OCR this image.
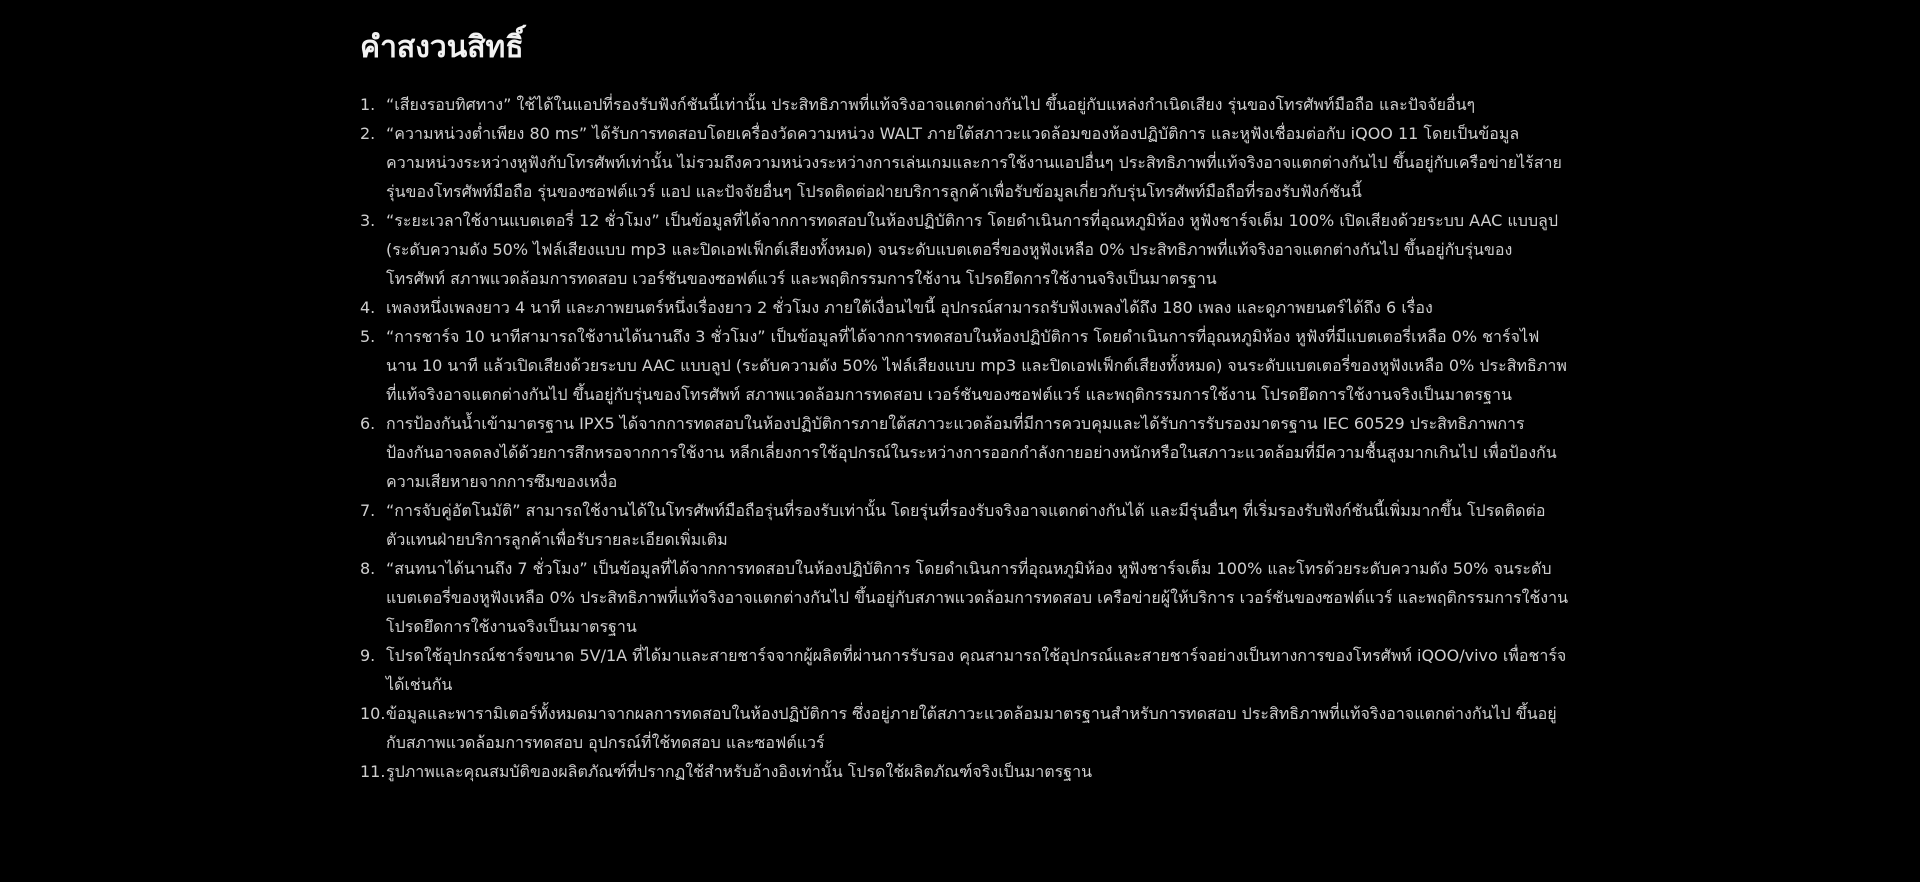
คำสงวนสิทธิ์
1. “เสียงรอบทิศทาง” ใช้ได้ในแอปที่รองรับฟังก์ชันนี้เท่านั้น ประสิทธิภาพที่แท้จริงอาจแตกต่างกันไป ขึ้นอยู่กับแหล่งกำเนิดเสียง รุ่นของโทรศัพท์มือถือ และปัจจัยอื่นๆ
2. “ความหน่วงต่ำเพียง 80 ms” ได้รับการทดสอบโดยเครื่องวัดความหน่วง WALT ภายใต้สภาวะแวดล้อมของห้องปฏิบัติการ และหูฟังเชื่อมต่อกับ iQOO 11 โดยเป็นข้อมูลความหน่วงระหว่างหูฟังกับโทรศัพท์เท่านั้น ไม่รวมถึงความหน่วงระหว่างการเล่นเกมและการใช้งานแอปอื่นๆ ประสิทธิภาพที่แท้จริงอาจแตกต่างกันไป ขึ้นอยู่กับเครือข่ายไร้สาย รุ่นของโทรศัพท์มือถือ รุ่นของซอฟต์แวร์ แอป และปัจจัยอื่นๆ โปรดติดต่อฝ่ายบริการลูกค้าเพื่อรับข้อมูลเกี่ยวกับรุ่นโทรศัพท์มือถือที่รองรับฟังก์ชันนี้
3. “ระยะเวลาใช้งานแบตเตอรี่ 12 ชั่วโมง” เป็นข้อมูลที่ได้จากการทดสอบในห้องปฏิบัติการ โดยดำเนินการที่อุณหภูมิห้อง หูฟังชาร์จเต็ม 100% เปิดเสียงด้วยระบบ AAC แบบลูป (ระดับความดัง 50% ไฟล์เสียงแบบ mp3 และปิดเอฟเฟ็กต์เสียงทั้งหมด) จนระดับแบตเตอรี่ของหูฟังเหลือ 0% ประสิทธิภาพที่แท้จริงอาจแตกต่างกันไป ขึ้นอยู่กับรุ่นของโทรศัพท์ สภาพแวดล้อมการทดสอบ เวอร์ชันของซอฟต์แวร์ และพฤติกรรมการใช้งาน โปรดยึดการใช้งานจริงเป็นมาตรฐาน
4. เพลงหนึ่งเพลงยาว 4 นาที และภาพยนตร์หนึ่งเรื่องยาว 2 ชั่วโมง ภายใต้เงื่อนไขนี้ อุปกรณ์สามารถรับฟังเพลงได้ถึง 180 เพลง และดูภาพยนตร์ได้ถึง 6 เรื่อง
5. “การชาร์จ 10 นาทีสามารถใช้งานได้นานถึง 3 ชั่วโมง” เป็นข้อมูลที่ได้จากการทดสอบในห้องปฏิบัติการ โดยดำเนินการที่อุณหภูมิห้อง หูฟังที่มีแบตเตอรี่เหลือ 0% ชาร์จไฟนาน 10 นาที แล้วเปิดเสียงด้วยระบบ AAC แบบลูป (ระดับความดัง 50% ไฟล์เสียงแบบ mp3 และปิดเอฟเฟ็กต์เสียงทั้งหมด) จนระดับแบตเตอรี่ของหูฟังเหลือ 0% ประสิทธิภาพที่แท้จริงอาจแตกต่างกันไป ขึ้นอยู่กับรุ่นของโทรศัพท์ สภาพแวดล้อมการทดสอบ เวอร์ชันของซอฟต์แวร์ และพฤติกรรมการใช้งาน โปรดยึดการใช้งานจริงเป็นมาตรฐาน
6. การป้องกันน้ำเข้ามาตรฐาน IPX5 ได้จากการทดสอบในห้องปฏิบัติการภายใต้สภาวะแวดล้อมที่มีการควบคุมและได้รับการรับรองมาตรฐาน IEC 60529 ประสิทธิภาพการป้องกันอาจลดลงได้ด้วยการสึกหรอจากการใช้งาน หลีกเลี่ยงการใช้อุปกรณ์ในระหว่างการออกกำลังกายอย่างหนักหรือในสภาวะแวดล้อมที่มีความชื้นสูงมากเกินไป เพื่อป้องกันความเสียหายจากการซึมของเหงื่อ
7. “การจับคู่อัตโนมัติ” สามารถใช้งานได้ในโทรศัพท์มือถือรุ่นที่รองรับเท่านั้น โดยรุ่นที่รองรับจริงอาจแตกต่างกันได้ และมีรุ่นอื่นๆ ที่เริ่มรองรับฟังก์ชันนี้เพิ่มมากขึ้น โปรดติดต่อตัวแทนฝ่ายบริการลูกค้าเพื่อรับรายละเอียดเพิ่มเติม
8. “สนทนาได้นานถึง 7 ชั่วโมง” เป็นข้อมูลที่ได้จากการทดสอบในห้องปฏิบัติการ โดยดำเนินการที่อุณหภูมิห้อง หูฟังชาร์จเต็ม 100% และโทรด้วยระดับความดัง 50% จนระดับแบตเตอรี่ของหูฟังเหลือ 0% ประสิทธิภาพที่แท้จริงอาจแตกต่างกันไป ขึ้นอยู่กับสภาพแวดล้อมการทดสอบ เครือข่ายผู้ให้บริการ เวอร์ชันของซอฟต์แวร์ และพฤติกรรมการใช้งาน โปรดยึดการใช้งานจริงเป็นมาตรฐาน
9. โปรดใช้อุปกรณ์ชาร์จขนาด 5V/1A ที่ได้มาและสายชาร์จจากผู้ผลิตที่ผ่านการรับรอง คุณสามารถใช้อุปกรณ์และสายชาร์จอย่างเป็นทางการของโทรศัพท์ iQOO/vivo เพื่อชาร์จได้เช่นกัน
10. ข้อมูลและพารามิเตอร์ทั้งหมดมาจากผลการทดสอบในห้องปฏิบัติการ ซึ่งอยู่ภายใต้สภาวะแวดล้อมมาตรฐานสำหรับการทดสอบ ประสิทธิภาพที่แท้จริงอาจแตกต่างกันไป ขึ้นอยู่กับสภาพแวดล้อมการทดสอบ อุปกรณ์ที่ใช้ทดสอบ และซอฟต์แวร์
11. รูปภาพและคุณสมบัติของผลิตภัณฑ์ที่ปรากฏใช้สำหรับอ้างอิงเท่านั้น โปรดใช้ผลิตภัณฑ์จริงเป็นมาตรฐาน
